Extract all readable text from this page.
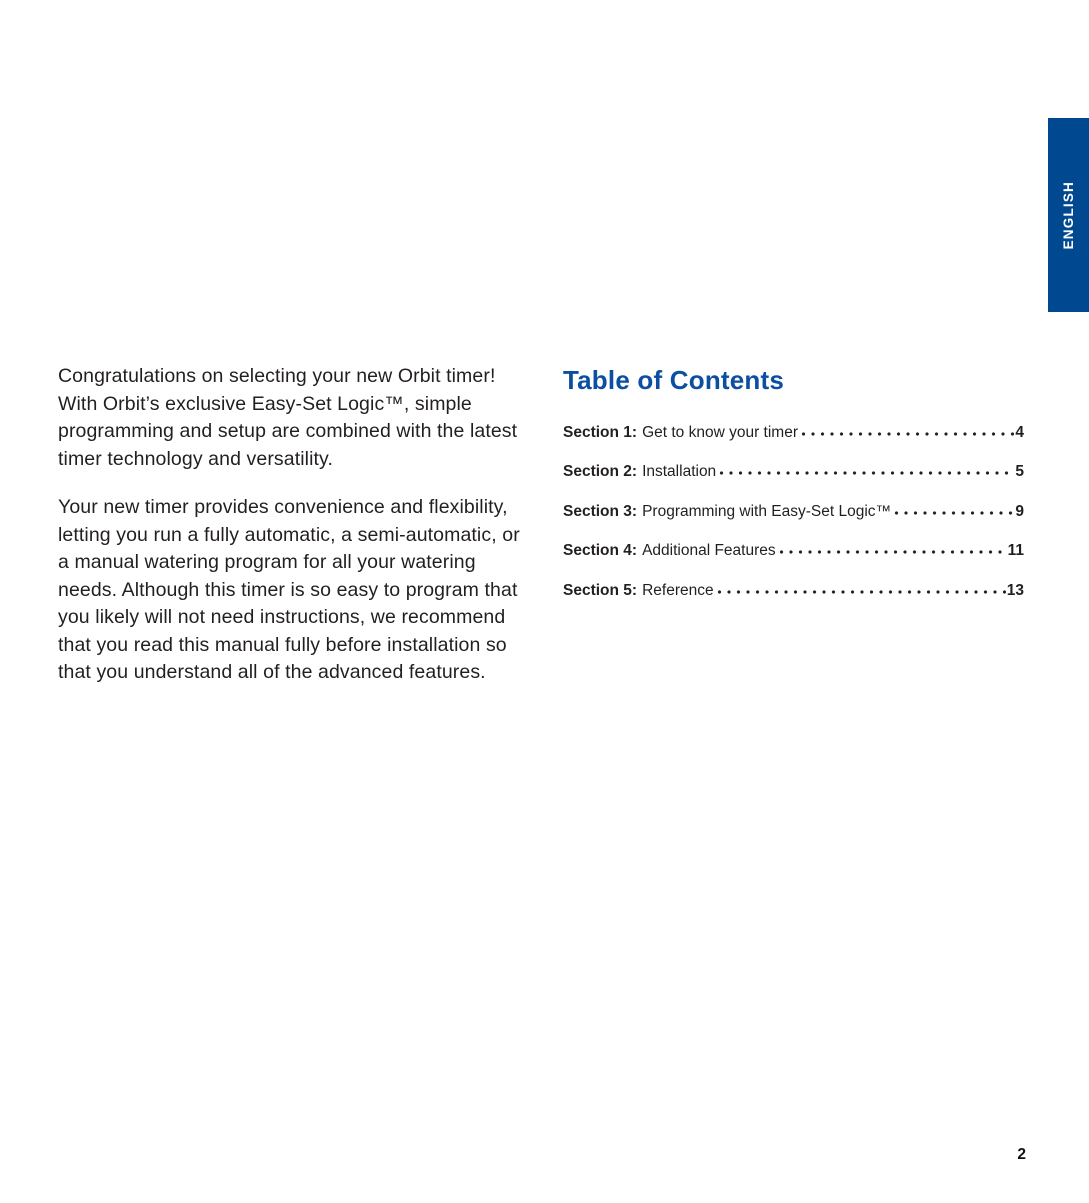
ENGLISH

Congratulations on selecting your new Orbit timer! With Orbit’s exclusive Easy-Set Logic™, simple programming and setup are combined with the latest timer technology and versatility.

Your new timer provides convenience and flexibility, letting you run a fully automatic, a semi-automatic, or a manual watering program for all your watering needs. Although this timer is so easy to program that you likely will not need instructions, we recommend that you read this manual fully before installation so that you understand all of the advanced features.

Table of Contents
Section 1: Get to know your timer	4
Section 2: Installation	5
Section 3: Programming with Easy-Set Logic™	9
Section 4: Additional Features	11
Section 5: Reference	13
2
